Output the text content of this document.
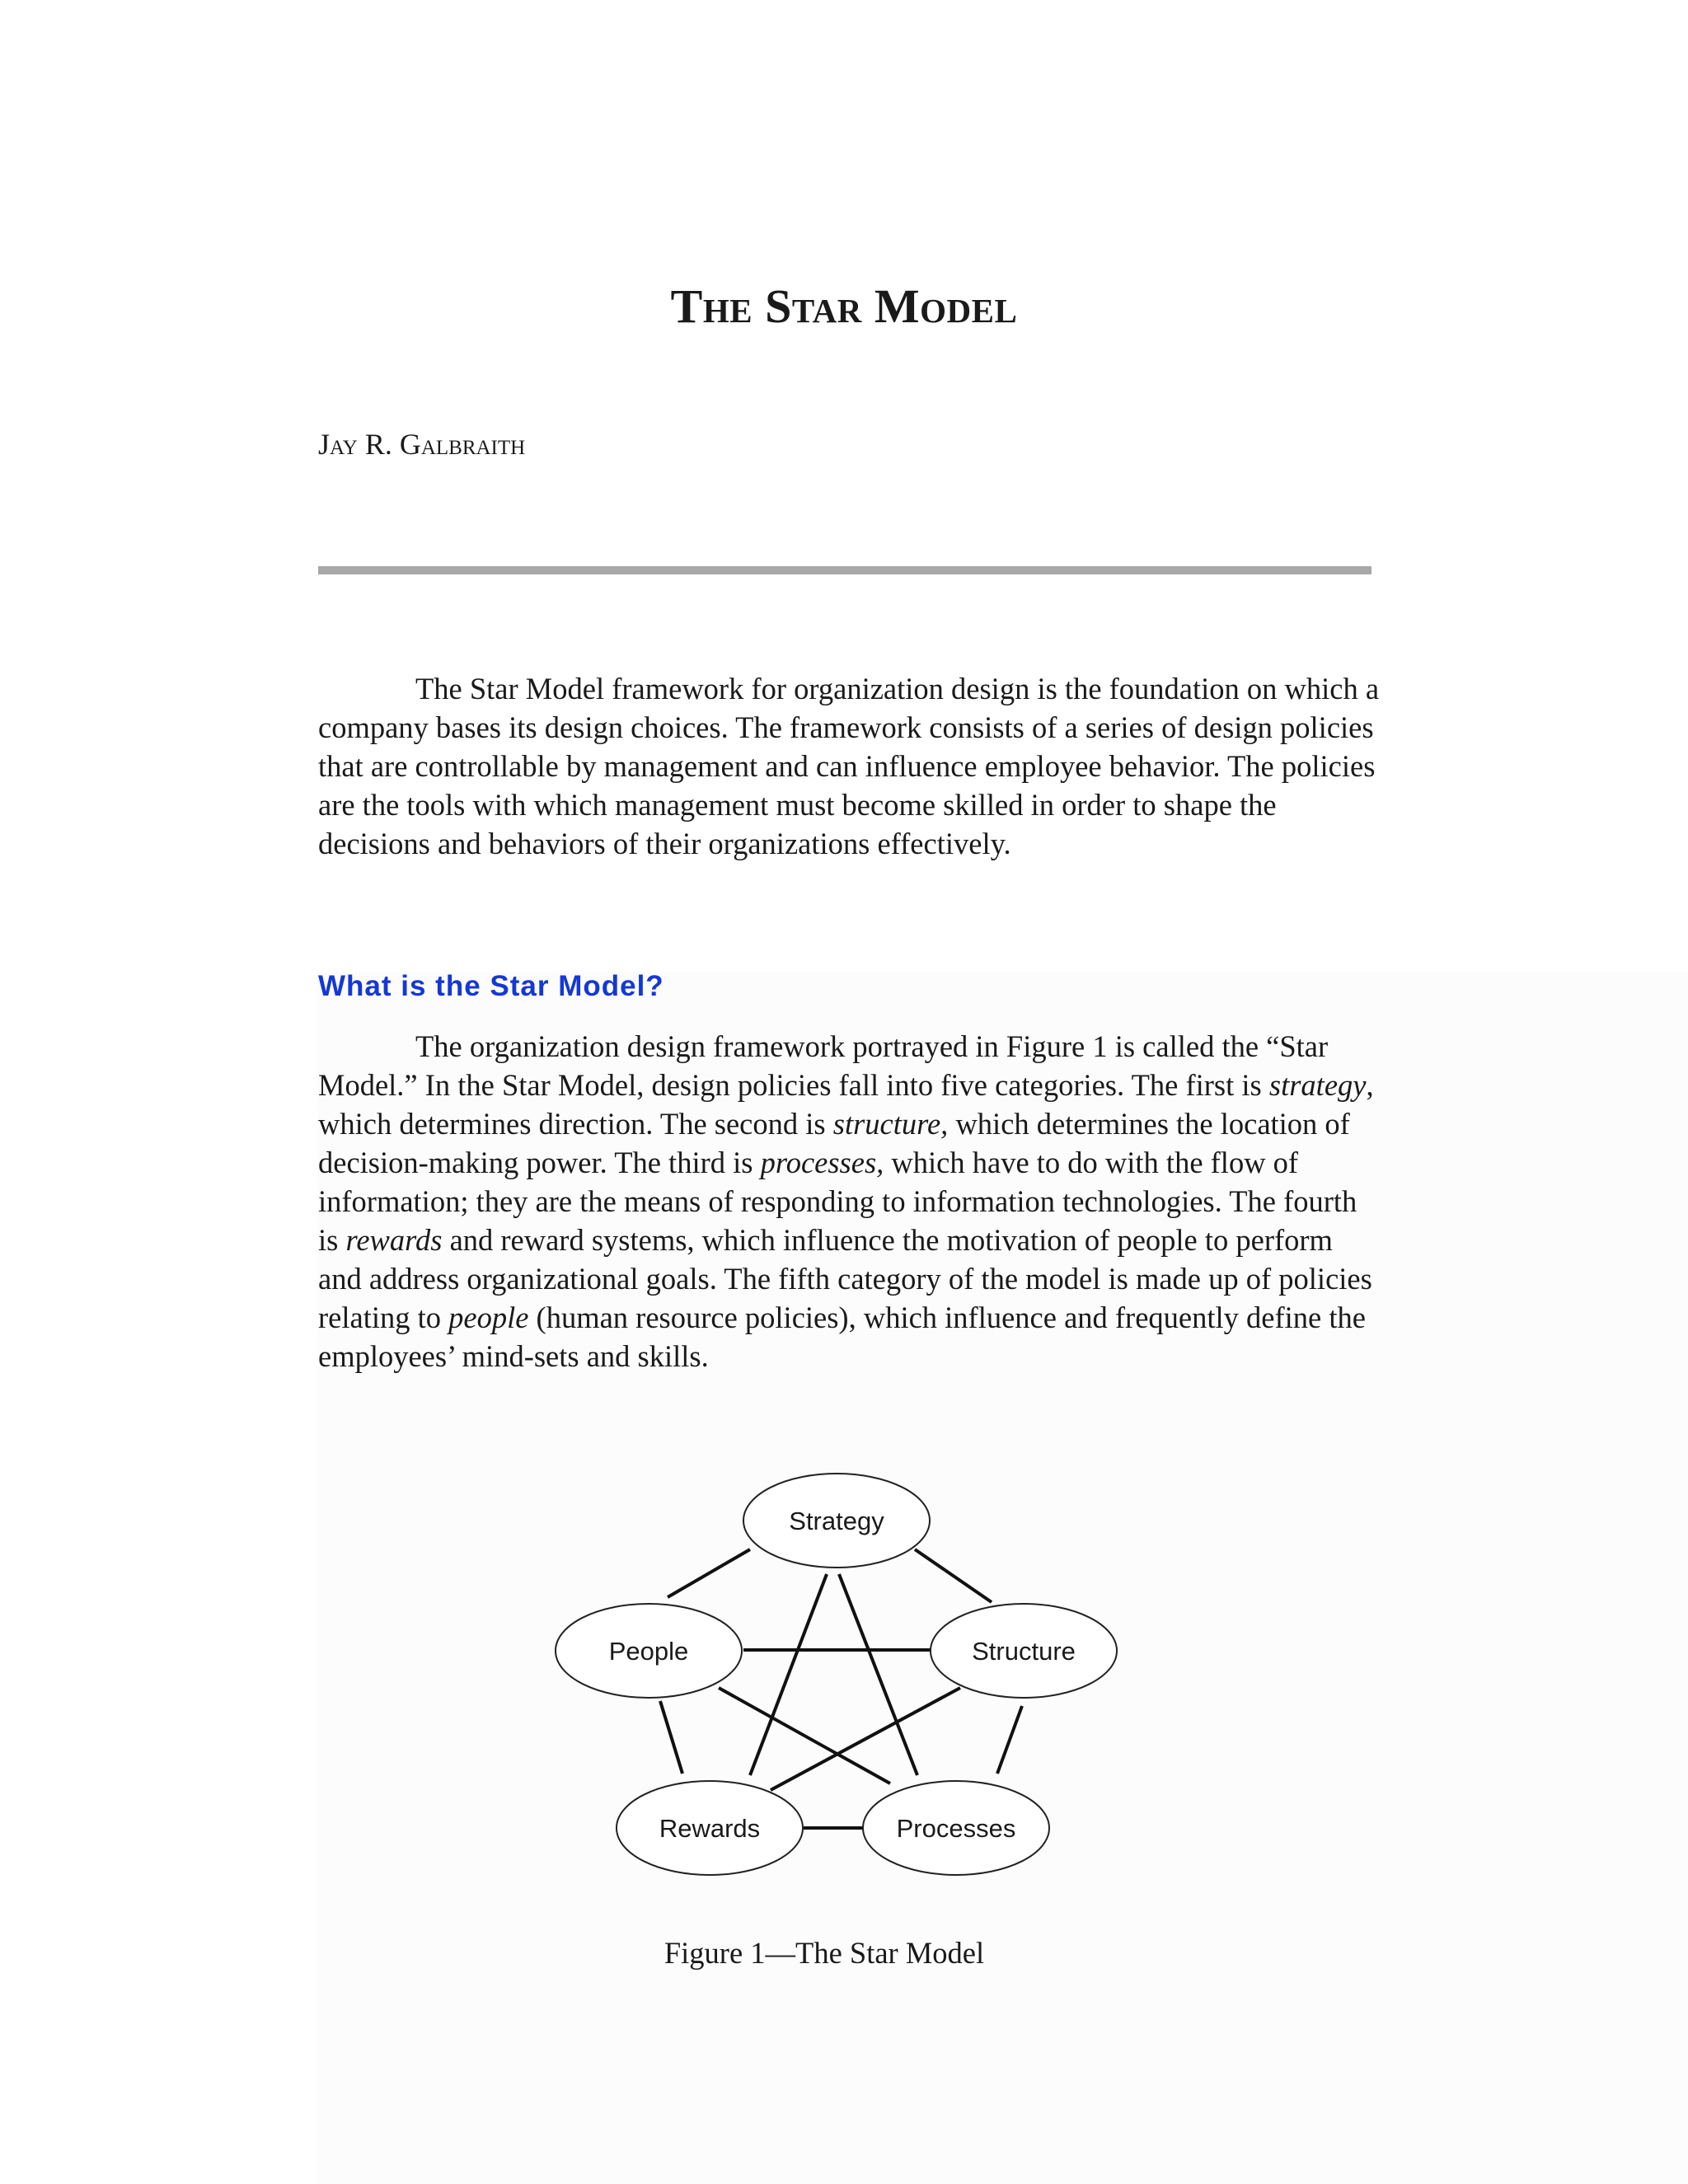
The Star Model

Jay R. Galbraith

The Star Model framework for organization design is the foundation on which a company bases its design choices. The framework consists of a series of design policies that are controllable by management and can influence employee behavior. The policies are the tools with which management must become skilled in order to shape the decisions and behaviors of their organizations effectively.

What is the Star Model?

The organization design framework portrayed in Figure 1 is called the “Star Model.” In the Star Model, design policies fall into five categories. The first is strategy, which determines direction. The second is structure, which determines the location of decision-making power. The third is processes, which have to do with the flow of information; they are the means of responding to information technologies. The fourth is rewards and reward systems, which influence the motivation of people to perform and address organizational goals. The fifth category of the model is made up of policies relating to people (human resource policies), which influence and frequently define the employees’ mind-sets and skills.

Strategy
Structure
Processes
Rewards
People

Figure 1—The Star Model
